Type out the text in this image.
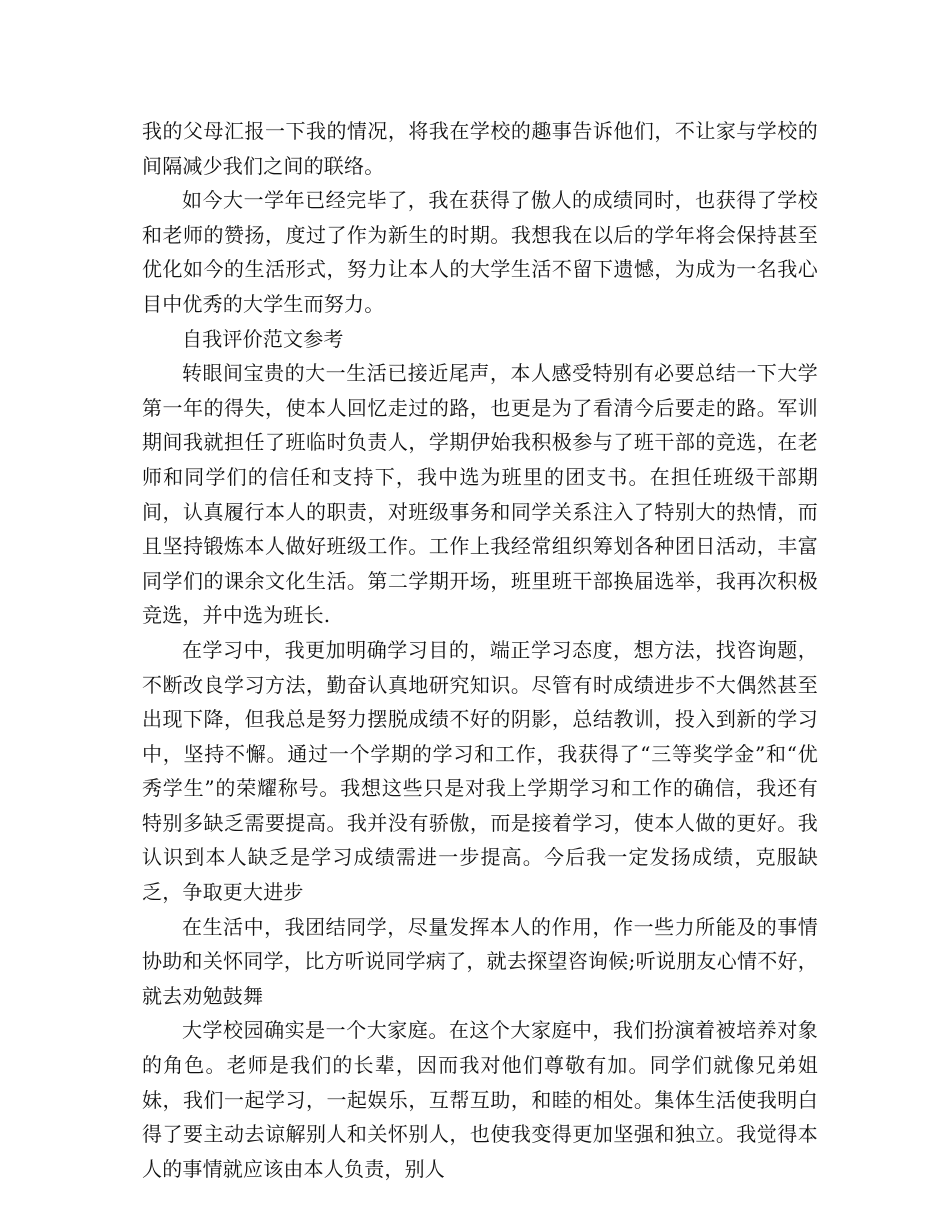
我的父母汇报一下我的情况，将我在学校的趣事告诉他们，不让家与学校的间隔减少我们之间的联络。

如今大一学年已经完毕了，我在获得了傲人的成绩同时，也获得了学校和老师的赞扬，度过了作为新生的时期。我想我在以后的学年将会保持甚至优化如今的生活形式，努力让本人的大学生活不留下遗憾，为成为一名我心目中优秀的大学生而努力。

自我评价范文参考

转眼间宝贵的大一生活已接近尾声，本人感受特别有必要总结一下大学第一年的得失，使本人回忆走过的路，也更是为了看清今后要走的路。军训期间我就担任了班临时负责人，学期伊始我积极参与了班干部的竞选，在老师和同学们的信任和支持下，我中选为班里的团支书。在担任班级干部期间，认真履行本人的职责，对班级事务和同学关系注入了特别大的热情，而且坚持锻炼本人做好班级工作。工作上我经常组织筹划各种团日活动，丰富同学们的课余文化生活。第二学期开场，班里班干部换届选举，我再次积极竞选，并中选为班长.

在学习中，我更加明确学习目的，端正学习态度，想方法，找咨询题，不断改良学习方法，勤奋认真地研究知识。尽管有时成绩进步不大偶然甚至出现下降，但我总是努力摆脱成绩不好的阴影，总结教训，投入到新的学习中，坚持不懈。通过一个学期的学习和工作，我获得了“三等奖学金”和“优秀学生”的荣耀称号。我想这些只是对我上学期学习和工作的确信，我还有特别多缺乏需要提高。我并没有骄傲，而是接着学习，使本人做的更好。我认识到本人缺乏是学习成绩需进一步提高。今后我一定发扬成绩，克服缺乏，争取更大进步

在生活中，我团结同学，尽量发挥本人的作用，作一些力所能及的事情协助和关怀同学，比方听说同学病了，就去探望咨询候;听说朋友心情不好，就去劝勉鼓舞

大学校园确实是一个大家庭。在这个大家庭中，我们扮演着被培养对象的角色。老师是我们的长辈，因而我对他们尊敬有加。同学们就像兄弟姐妹，我们一起学习，一起娱乐，互帮互助，和睦的相处。集体生活使我明白得了要主动去谅解别人和关怀别人，也使我变得更加坚强和独立。我觉得本人的事情就应该由本人负责，别人
